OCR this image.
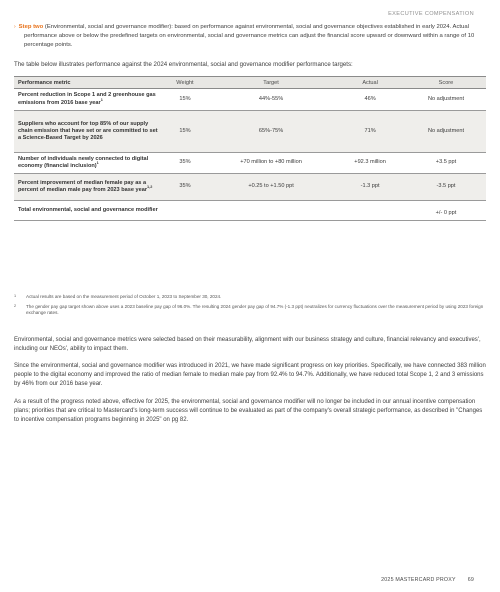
EXECUTIVE COMPENSATION
› Step two (Environmental, social and governance modifier): based on performance against environmental, social and governance objectives established in early 2024. Actual performance above or below the predefined targets on environmental, social and governance metrics can adjust the financial score upward or downward within a range of 10 percentage points.
The table below illustrates performance against the 2024 environmental, social and governance modifier performance targets:
Performance metric	Weight	Target	Actual	Score
Percent reduction in Scope 1 and 2 greenhouse gas emissions from 2016 base year$^1$	15%	44%-55%	46%	No adjustment
Suppliers who account for top 85% of our supply chain emission that have set or are committed to set a Science-Based Target by 2026	15%	65%-75%	71%	No adjustment
Number of individuals newly connected to digital economy (financial inclusion)$^1$	35%	+70 million to +80 million	+92.3 million	+3.5 ppt
Percent improvement of median female pay as a percent of median male pay from 2023 base year$^{1,2}$	35%	+0.25 to +1.50 ppt	-1.3 ppt	-3.5 ppt
Total environmental, social and governance modifier				+/- 0 ppt
1	Actual results are based on the measurement period of October 1, 2023 to September 30, 2024.
2	The gender pay gap target shown above uses a 2023 baseline pay gap of 96.0%. The resulting 2024 gender pay gap of 94.7% (-1.3 ppt) neutralizes for currency fluctuations over the measurement period by using 2023 foreign exchange rates.

Environmental, social and governance metrics were selected based on their measurability, alignment with our business strategy and culture, financial relevancy and executives', including our NEOs', ability to impact them.

Since the environmental, social and governance modifier was introduced in 2021, we have made significant progress on key priorities. Specifically, we have connected 383 million people to the digital economy and improved the ratio of median female to median male pay from 92.4% to 94.7%. Additionally, we have reduced total Scope 1, 2 and 3 emissions by 46% from our 2016 base year.

As a result of the progress noted above, effective for 2025, the environmental, social and governance modifier will no longer be included in our annual incentive compensation plans; priorities that are critical to Mastercard's long-term success will continue to be evaluated as part of the company's overall strategic performance, as described in "Changes to incentive compensation programs beginning in 2025" on pg 82.

2025 MASTERCARD PROXY 69
